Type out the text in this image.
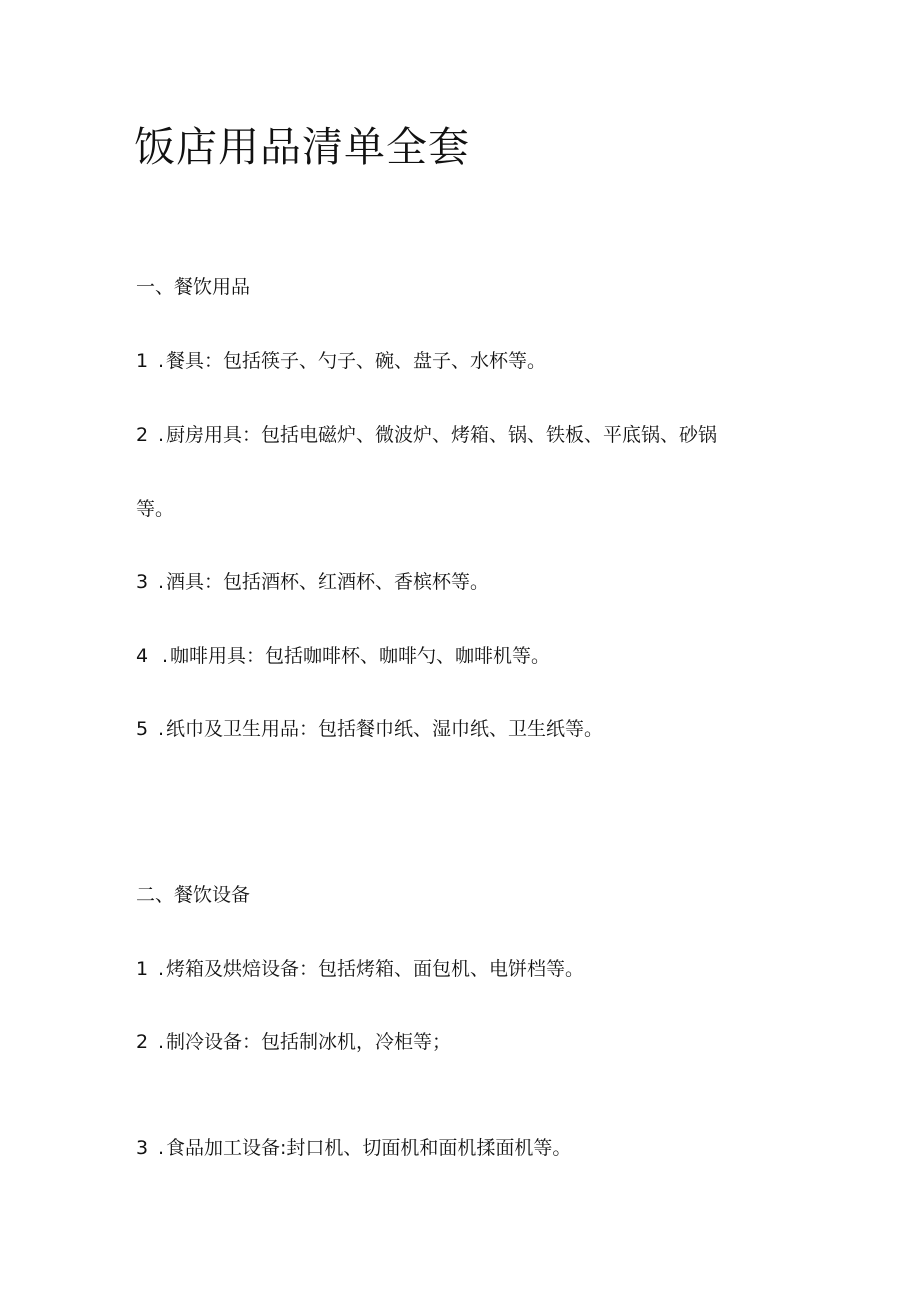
饭店用品清单全套
一、餐饮用品
1 . 餐具：包括筷子、勺子、碗、盘子、水杯等。
2 . 厨房用具：包括电磁炉、微波炉、烤箱、锅、铁板、平底锅、砂锅
等。
3 . 酒具：包括酒杯、红酒杯、香槟杯等。
4 . 咖啡用具：包括咖啡杯、咖啡勺、咖啡机等。
5 . 纸巾及卫生用品：包括餐巾纸、湿巾纸、卫生纸等。
二、餐饮设备
1 . 烤箱及烘焙设备：包括烤箱、面包机、电饼档等。
2 . 制冷设备：包括制冰机，冷柜等；
3 . 食品加工设备:封口机、切面机和面机揉面机等。
